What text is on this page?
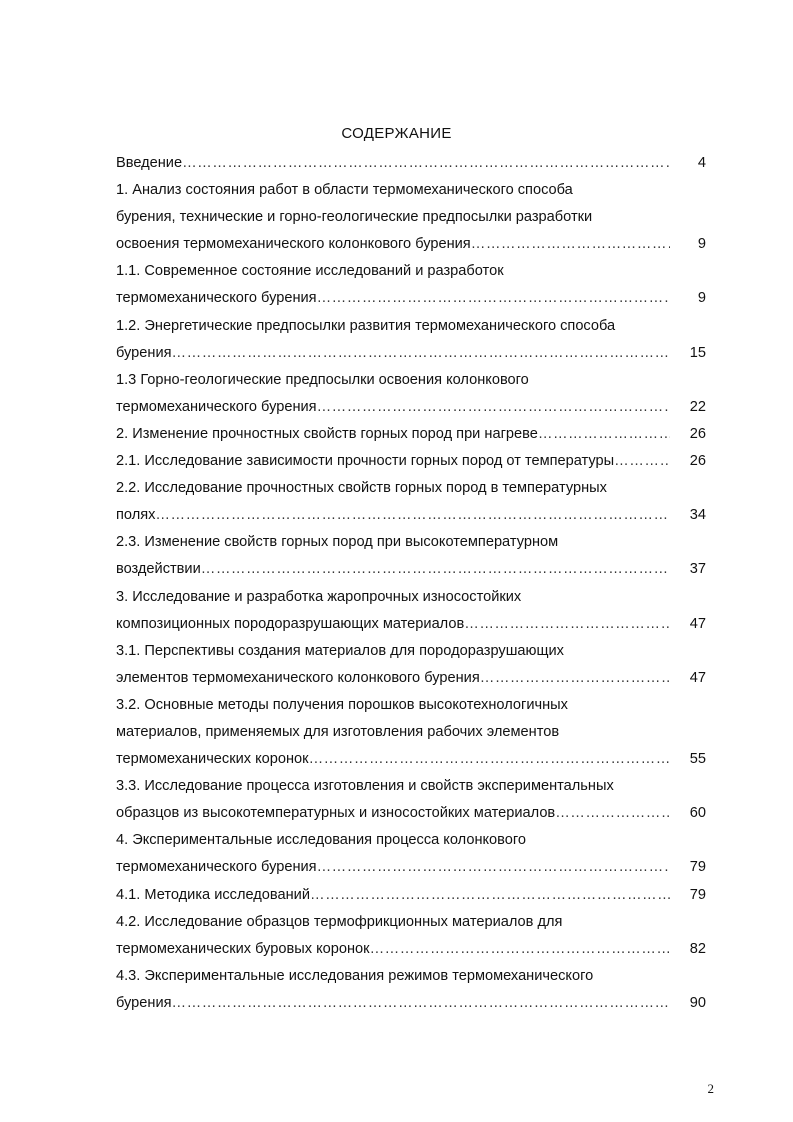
СОДЕРЖАНИЕ
Введение …………………………………………………………………………………………………………………………………	4
1. Анализ состояния работ в области термомеханического способа
бурения, технические и горно-геологические предпосылки разработки
освоения термомеханического колонкового бурения …………………………………………………………………………………………………………………………………	9
1.1. Современное состояние исследований и разработок
термомеханического бурения …………………………………………………………………………………………………………………………………	9
1.2. Энергетические предпосылки развития термомеханического способа
бурения …………………………………………………………………………………………………………………………………	15
1.3 Горно-геологические предпосылки освоения колонкового
термомеханического бурения …………………………………………………………………………………………………………………………………	22
2. Изменение прочностных свойств горных пород при нагреве …………………………………………………………………………………………………………………………………	26
2.1. Исследование зависимости прочности горных пород от температуры …………………………………………………………………………………………………………………………………	26
2.2. Исследование прочностных свойств горных пород в температурных
полях …………………………………………………………………………………………………………………………………	34
2.3. Изменение свойств горных пород при высокотемпературном
воздействии …………………………………………………………………………………………………………………………………	37
3. Исследование и разработка жаропрочных износостойких
композиционных породоразрушающих материалов …………………………………………………………………………………………………………………………………	47
3.1. Перспективы создания материалов для породоразрушающих
элементов термомеханического колонкового бурения …………………………………………………………………………………………………………………………………	47
3.2. Основные методы получения порошков высокотехнологичных
материалов, применяемых для изготовления рабочих элементов
термомеханических коронок …………………………………………………………………………………………………………………………………	55
3.3. Исследование процесса изготовления и свойств экспериментальных
образцов из высокотемпературных и износостойких материалов …………………………………………………………………………………………………………………………………	60
4. Экспериментальные исследования процесса колонкового
термомеханического бурения …………………………………………………………………………………………………………………………………	79
4.1. Методика исследований …………………………………………………………………………………………………………………………………	79
4.2. Исследование образцов термофрикционных материалов для
термомеханических буровых коронок …………………………………………………………………………………………………………………………………	82
4.3. Экспериментальные исследования режимов термомеханического
бурения …………………………………………………………………………………………………………………………………	90
2
